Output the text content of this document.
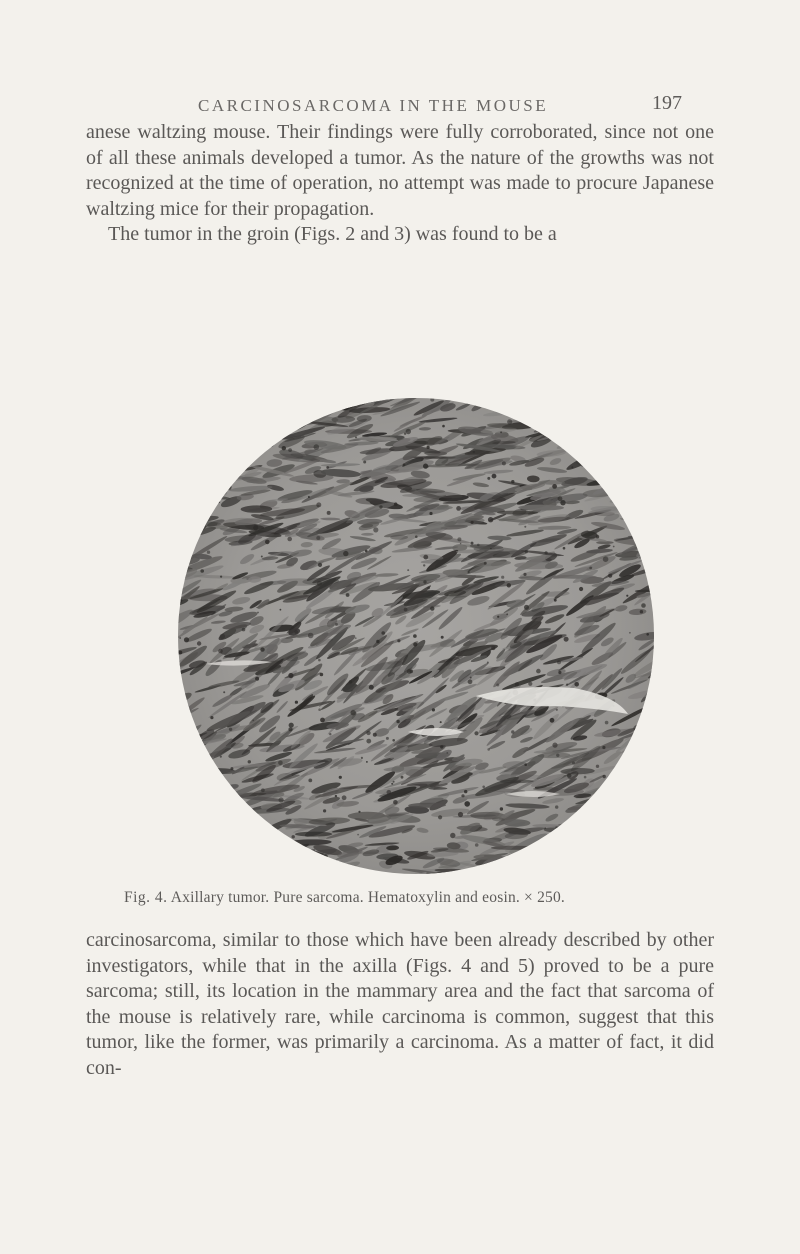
CARCINOSARCOMA IN THE MOUSE	197

anese waltzing mouse. Their findings were fully corroborated, since not one of all these animals developed a tumor. As the nature of the growths was not recognized at the time of operation, no attempt was made to procure Japanese waltzing mice for their propagation.

The tumor in the groin (Figs. 2 and 3) was found to be a

Fig. 4. Axillary tumor. Pure sarcoma. Hematoxylin and eosin. × 250.

carcinosarcoma, similar to those which have been already described by other investigators, while that in the axilla (Figs. 4 and 5) proved to be a pure sarcoma; still, its location in the mammary area and the fact that sarcoma of the mouse is relatively rare, while carcinoma is common, suggest that this tumor, like the former, was primarily a carcinoma. As a matter of fact, it did con-
